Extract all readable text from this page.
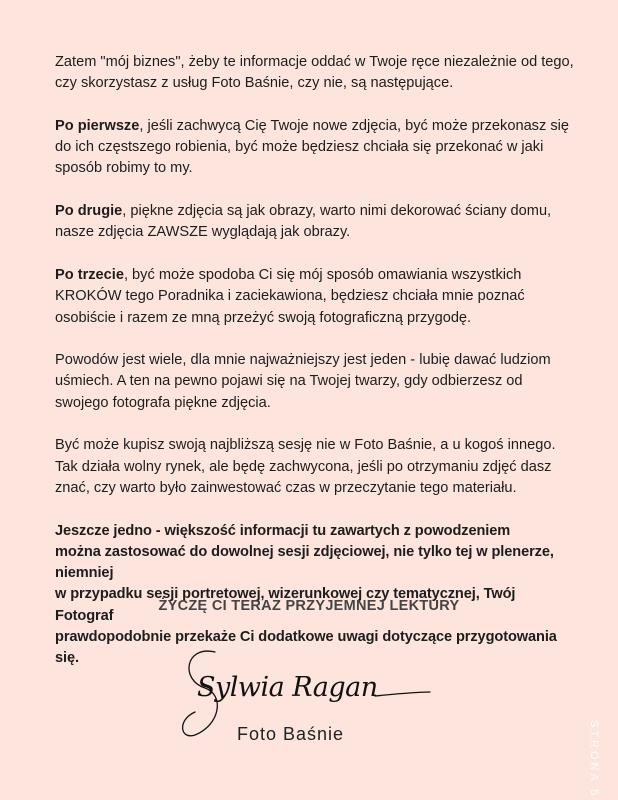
Zatem "mój biznes", żeby te informacje oddać w Twoje ręce niezależnie od tego, czy skorzystasz z usług Foto Baśnie, czy nie, są następujące.

Po pierwsze, jeśli zachwycą Cię Twoje nowe zdjęcia, być może przekonasz się do ich częstszego robienia, być może będziesz chciała się przekonać w jaki sposób robimy to my.

Po drugie, piękne zdjęcia są jak obrazy, warto nimi dekorować ściany domu, nasze zdjęcia ZAWSZE wyglądają jak obrazy.

Po trzecie, być może spodoba Ci się mój sposób omawiania wszystkich KROKÓW tego Poradnika i zaciekawiona, będziesz chciała mnie poznać osobiście i razem ze mną przeżyć swoją fotograficzną przygodę.

Powodów jest wiele, dla mnie najważniejszy jest jeden - lubię dawać ludziom uśmiech. A ten na pewno pojawi się na Twojej twarzy, gdy odbierzesz od swojego fotografa piękne zdjęcia.

Być może kupisz swoją najbliższą sesję nie w Foto Baśnie, a u kogoś innego. Tak działa wolny rynek, ale będę zachwycona, jeśli po otrzymaniu zdjęć dasz znać, czy warto było zainwestować czas w przeczytanie tego materiału.

Jeszcze jedno - większość informacji tu zawartych z powodzeniem
można zastosować do dowolnej sesji zdjęciowej, nie tylko tej w plenerze, niemniej
w przypadku sesji portretowej, wizerunkowej czy tematycznej, Twój Fotograf
prawdopodobnie przekaże Ci dodatkowe uwagi dotyczące przygotowania się.

ŻYCZĘ CI TERAZ PRZYJEMNEJ LEKTURY
Sylwia Ragan
Foto Baśnie	STRONA 5
